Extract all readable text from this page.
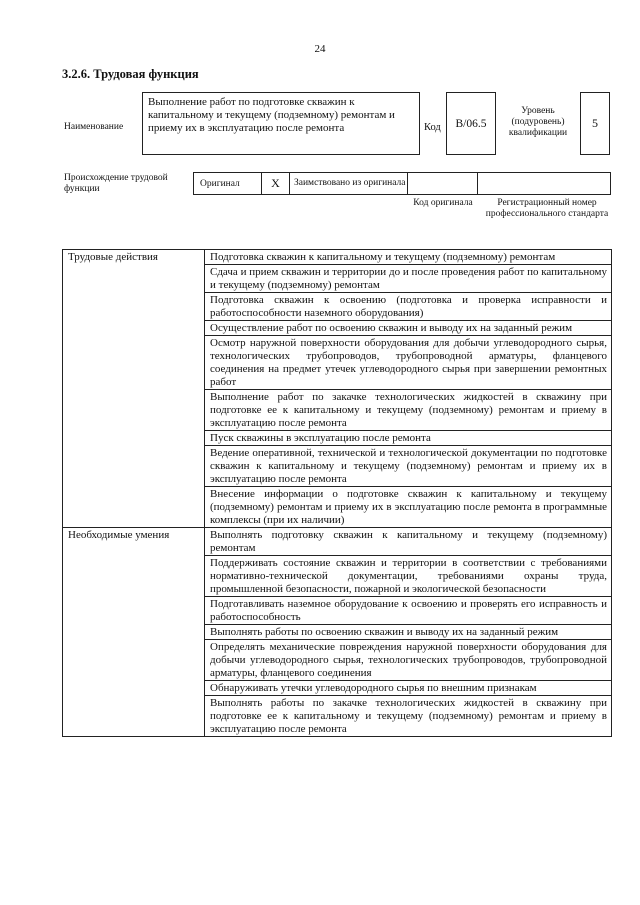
24
3.2.6. Трудовая функция
Наименование
Выполнение работ по подготовке скважин к капитальному и текущему (подземному) ремонтам и приему их в эксплуатацию после ремонта	Код	B/06.5
Уровень (подуровень) квалификации
5
Происхождение трудовой функции
Оригинал	X	Заимствовано из оригинала
Код оригинала	Регистрационный номер профессионального стандарта
Трудовые действия	Подготовка скважин к капитальному и текущему (подземному) ремонтам
	Сдача и прием скважин и территории до и после проведения работ по капитальному и текущему (подземному) ремонтам
	Подготовка скважин к освоению (подготовка и проверка исправности и работоспособности наземного оборудования)
	Осуществление работ по освоению скважин и выводу их на заданный режим
	Осмотр наружной поверхности оборудования для добычи углеводородного сырья, технологических трубопроводов, трубопроводной арматуры, фланцевого соединения на предмет утечек углеводородного сырья при завершении ремонтных работ
	Выполнение работ по закачке технологических жидкостей в скважину при подготовке ее к капитальному и текущему (подземному) ремонтам и приему в эксплуатацию после ремонта
	Пуск скважины в эксплуатацию после ремонта
	Ведение оперативной, технической и технологической документации по подготовке скважин к капитальному и текущему (подземному) ремонтам и приему их в эксплуатацию после ремонта
	Внесение информации о подготовке скважин к капитальному и текущему (подземному) ремонтам и приему их в эксплуатацию после ремонта в программные комплексы (при их наличии)
Необходимые умения	Выполнять подготовку скважин к капитальному и текущему (подземному) ремонтам
	Поддерживать состояние скважин и территории в соответствии с требованиями нормативно-технической документации, требованиями охраны труда, промышленной безопасности, пожарной и экологической безопасности
	Подготавливать наземное оборудование к освоению и проверять его исправность и работоспособность
	Выполнять работы по освоению скважин и выводу их на заданный режим
	Определять механические повреждения наружной поверхности оборудования для добычи углеводородного сырья, технологических трубопроводов, трубопроводной арматуры, фланцевого соединения
	Обнаруживать утечки углеводородного сырья по внешним признакам
	Выполнять работы по закачке технологических жидкостей в скважину при подготовке ее к капитальному и текущему (подземному) ремонтам и приему в эксплуатацию после ремонта
